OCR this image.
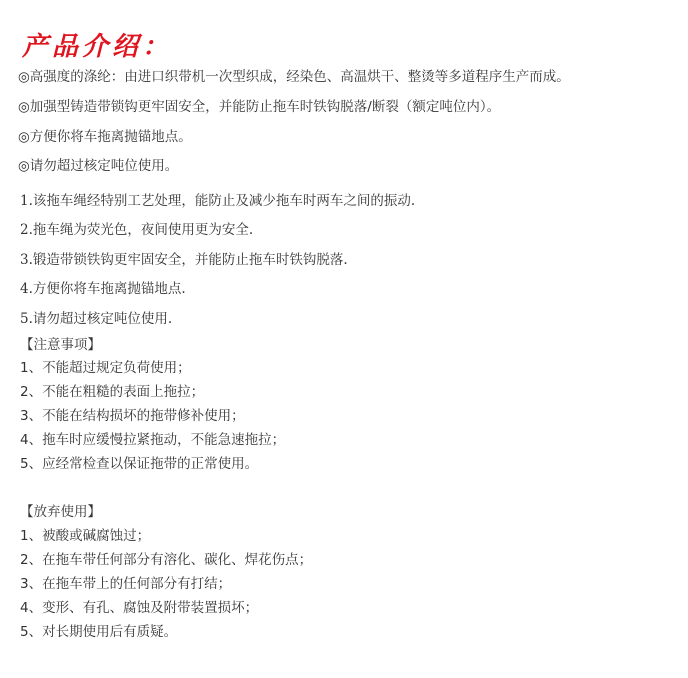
产品介绍：
◎高强度的涤纶：由进口织带机一次型织成，经染色、高温烘干、整烫等多道程序生产而成。
◎加强型铸造带锁钩更牢固安全，并能防止拖车时铁钩脱落/断裂（额定吨位内）。
◎方便你将车拖离抛锚地点。
◎请勿超过核定吨位使用。
1.该拖车绳经特别工艺处理，能防止及减少拖车时两车之间的振动.
2.拖车绳为荧光色，夜间使用更为安全.
3.锻造带锁铁钩更牢固安全，并能防止拖车时铁钩脱落.
4.方便你将车拖离抛锚地点.
5.请勿超过核定吨位使用.
【注意事项】
1、不能超过规定负荷使用；
2、不能在粗糙的表面上拖拉；
3、不能在结构损坏的拖带修补使用；
4、拖车时应缓慢拉紧拖动，不能急速拖拉；
5、应经常检查以保证拖带的正常使用。
【放弃使用】
1、被酸或碱腐蚀过；
2、在拖车带任何部分有溶化、碳化、焊花伤点；
3、在拖车带上的任何部分有打结；
4、变形、有孔、腐蚀及附带装置损坏；
5、对长期使用后有质疑。
